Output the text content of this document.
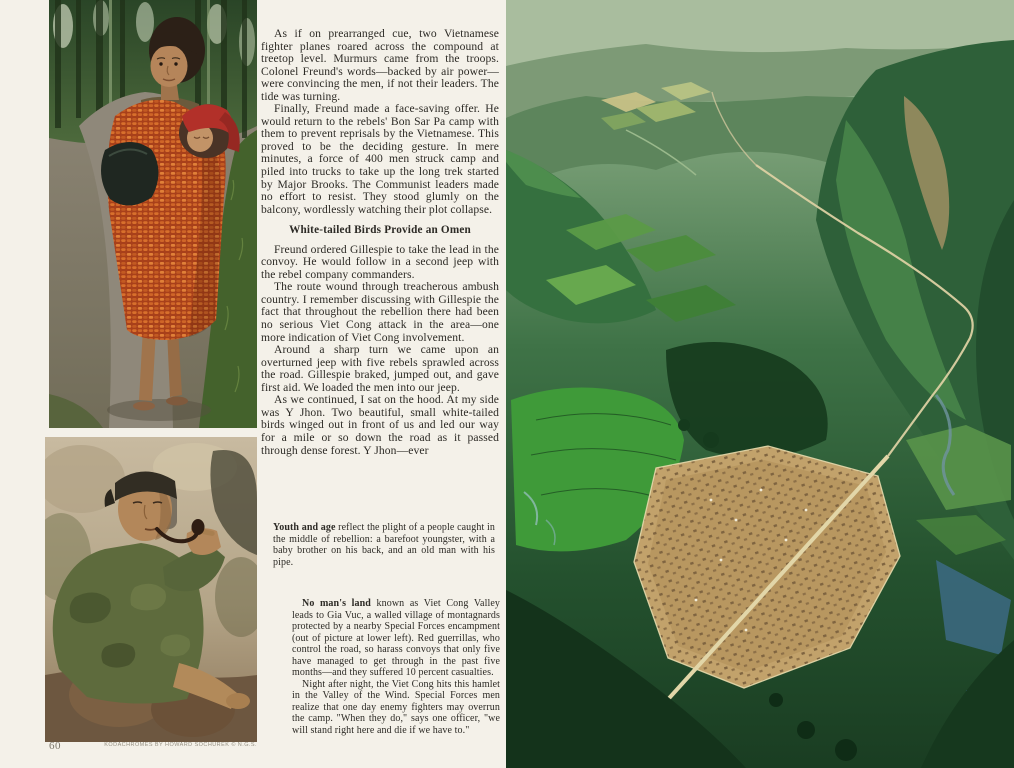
60	KODACHROMES BY HOWARD SOCHUREK © N.G.S.

As if on prearranged cue, two Vietnamese fighter planes roared across the compound at treetop level. Murmurs came from the troops. Colonel Freund's words—backed by air power—were convincing the men, if not their leaders. The tide was turning.

Finally, Freund made a face-saving offer. He would return to the rebels' Bon Sar Pa camp with them to prevent reprisals by the Vietnamese. This proved to be the deciding gesture. In mere minutes, a force of 400 men struck camp and piled into trucks to take up the long trek started by Major Brooks. The Communist leaders made no effort to resist. They stood glumly on the balcony, wordlessly watching their plot collapse.

White-tailed Birds Provide an Omen

Freund ordered Gillespie to take the lead in the convoy. He would follow in a second jeep with the rebel company commanders.

The route wound through treacherous ambush country. I remember discussing with Gillespie the fact that throughout the rebellion there had been no serious Viet Cong attack in the area—one more indication of Viet Cong involvement.

Around a sharp turn we came upon an overturned jeep with five rebels sprawled across the road. Gillespie braked, jumped out, and gave first aid. We loaded the men into our jeep.

As we continued, I sat on the hood. At my side was Y Jhon. Two beautiful, small white-tailed birds winged out in front of us and led our way for a mile or so down the road as it passed through dense forest. Y Jhon—ever

Youth and age reflect the plight of a people caught in the middle of rebellion: a barefoot youngster, with a baby brother on his back, and an old man with his pipe.

No man's land known as Viet Cong Valley leads to Gia Vuc, a walled village of montagnards protected by a nearby Special Forces encampment (out of picture at lower left). Red guerrillas, who control the road, so harass convoys that only five have managed to get through in the past five months—and they suffered 10 percent casualties.

Night after night, the Viet Cong hits this hamlet in the Valley of the Wind. Special Forces men realize that one day enemy fighters may overrun the camp. "When they do," says one officer, "we will stand right here and die if we have to."
